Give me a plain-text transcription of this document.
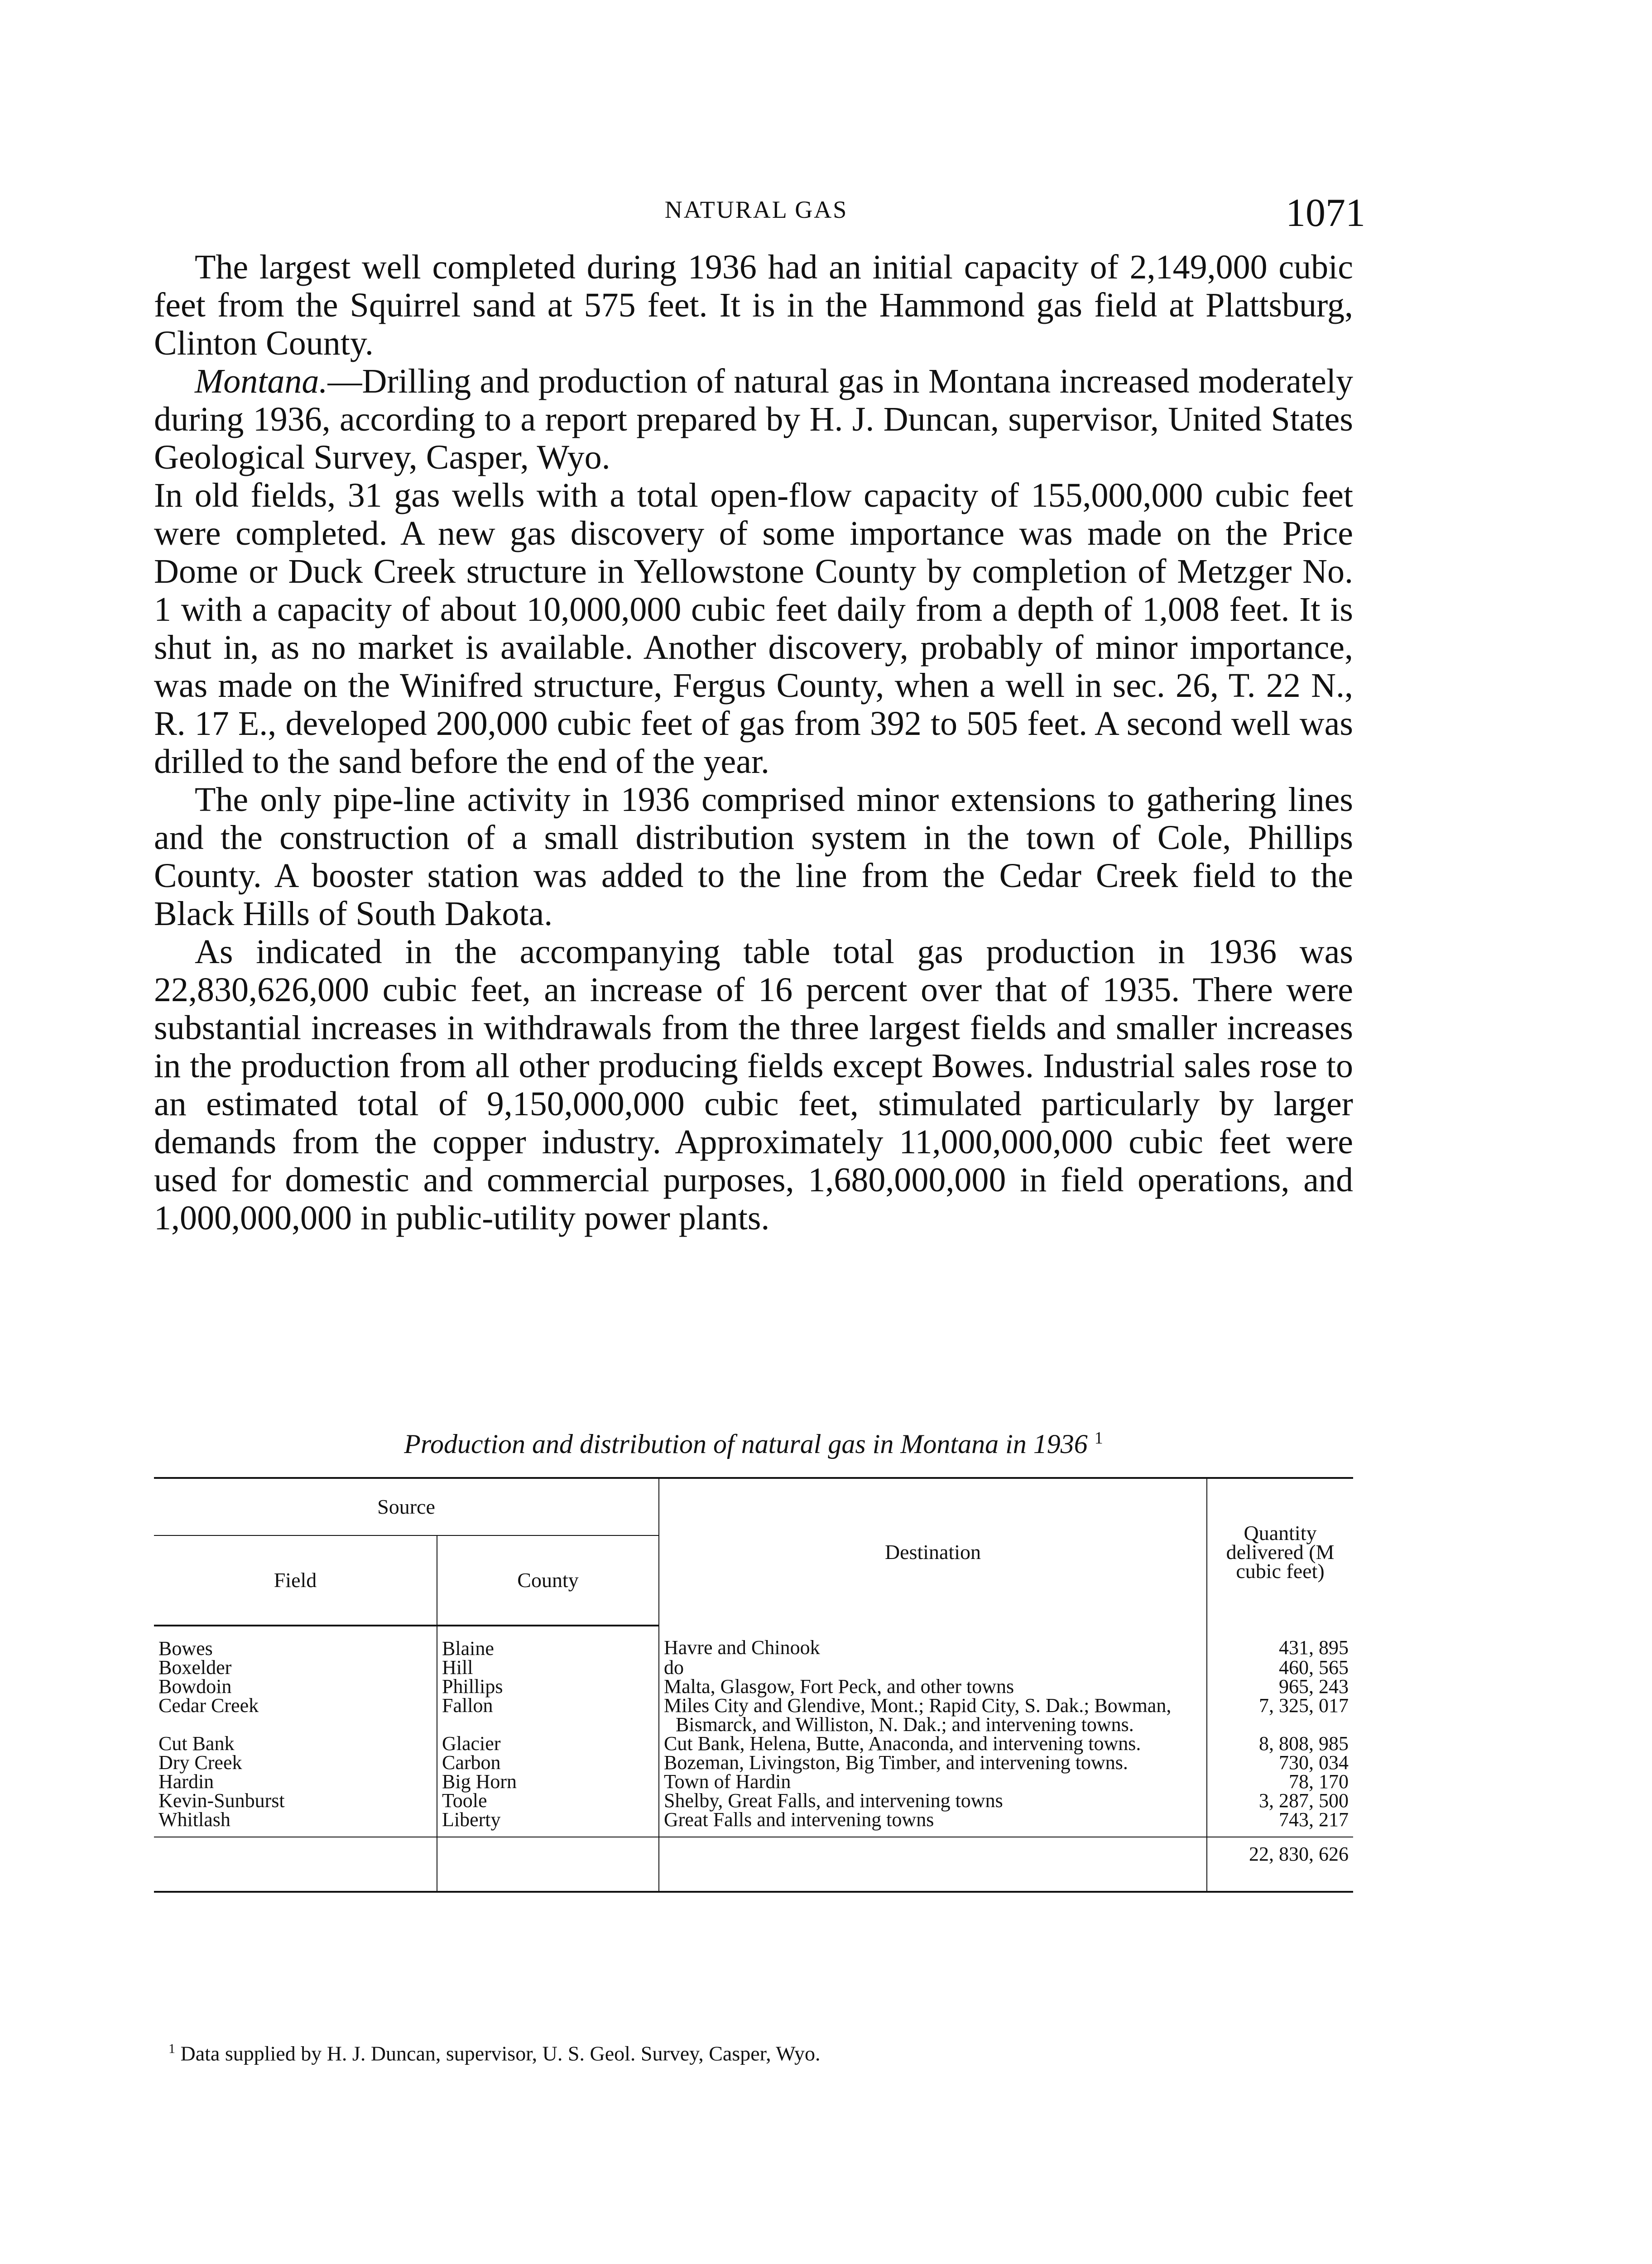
NATURAL GAS	1071

The largest well completed during 1936 had an initial capacity of 2,149,000 cubic feet from the Squirrel sand at 575 feet. It is in the Hammond gas field at Plattsburg, Clinton County.

Montana.—Drilling and production of natural gas in Montana increased moderately during 1936, according to a report prepared by H. J. Duncan, supervisor, United States Geological Survey, Casper, Wyo.

In old fields, 31 gas wells with a total open-flow capacity of 155,000,000 cubic feet were completed. A new gas discovery of some importance was made on the Price Dome or Duck Creek structure in Yellowstone County by completion of Metzger No. 1 with a capacity of about 10,000,000 cubic feet daily from a depth of 1,008 feet. It is shut in, as no market is available. Another discovery, probably of minor importance, was made on the Winifred structure, Fergus County, when a well in sec. 26, T. 22 N., R. 17 E., developed 200,000 cubic feet of gas from 392 to 505 feet. A second well was drilled to the sand before the end of the year.

The only pipe-line activity in 1936 comprised minor extensions to gathering lines and the construction of a small distribution system in the town of Cole, Phillips County. A booster station was added to the line from the Cedar Creek field to the Black Hills of South Dakota.

As indicated in the accompanying table total gas production in 1936 was 22,830,626,000 cubic feet, an increase of 16 percent over that of 1935. There were substantial increases in withdrawals from the three largest fields and smaller increases in the production from all other producing fields except Bowes. Industrial sales rose to an estimated total of 9,150,000,000 cubic feet, stimulated particularly by larger demands from the copper industry. Approximately 11,000,000,000 cubic feet were used for domestic and commercial purposes, 1,680,000,000 in field operations, and 1,000,000,000 in public-utility power plants.

Production and distribution of natural gas in Montana in 1936 $^1$
Source		Destination	Quantity delivered (M cubic feet)
Field	County		
Bowes	Blaine	Havre and Chinook	431, 895
Boxelder	Hill	do	460, 565
Bowdoin	Phillips	Malta, Glasgow, Fort Peck, and other towns	965, 243
Cedar Creek	Fallon	Miles City and Glendive, Mont.; Rapid City, S. Dak.; Bowman, Bismarck, and Williston, N. Dak.; and intervening towns.	7, 325, 017
Cut Bank	Glacier	Cut Bank, Helena, Butte, Anaconda, and intervening towns.	8, 808, 985
Dry Creek	Carbon	Bozeman, Livingston, Big Timber, and intervening towns.	730, 034
Hardin	Big Horn	Town of Hardin	78, 170
Kevin-Sunburst	Toole	Shelby, Great Falls, and intervening towns	3, 287, 500
Whitlash	Liberty	Great Falls and intervening towns	743, 217
			22, 830, 626
$^1$ Data supplied by H. J. Duncan, supervisor, U. S. Geol. Survey, Casper, Wyo.
